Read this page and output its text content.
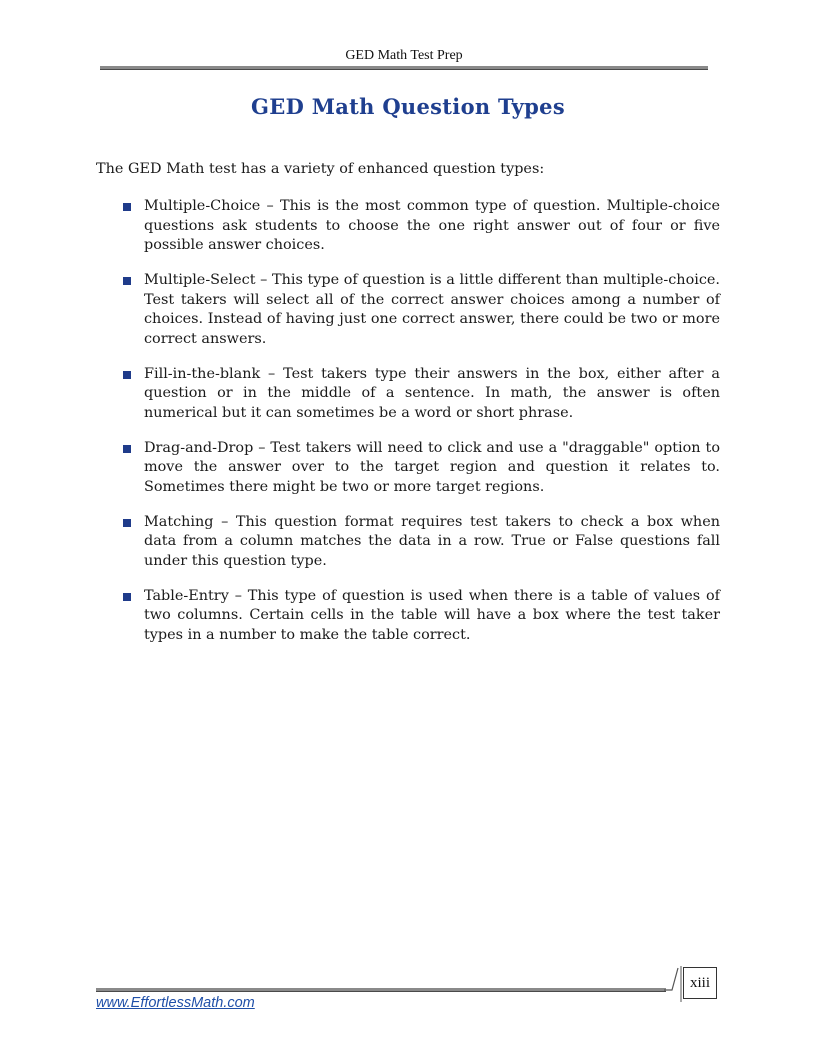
GED Math Test Prep
GED Math Question Types

The GED Math test has a variety of enhanced question types:

Multiple-Choice – This is the most common type of question. Multiple-choice questions ask students to choose the one right answer out of four or five possible answer choices.
Multiple-Select – This type of question is a little different than multiple-choice. Test takers will select all of the correct answer choices among a number of choices. Instead of having just one correct answer, there could be two or more correct answers.
Fill-in-the-blank – Test takers type their answers in the box, either after a question or in the middle of a sentence. In math, the answer is often numerical but it can sometimes be a word or short phrase.
Drag-and-Drop – Test takers will need to click and use a "draggable" option to move the answer over to the target region and question it relates to. Sometimes there might be two or more target regions.
Matching – This question format requires test takers to check a box when data from a column matches the data in a row. True or False questions fall under this question type.
Table-Entry – This type of question is used when there is a table of values of two columns. Certain cells in the table will have a box where the test taker types in a number to make the table correct.
xiii
www.EffortlessMath.com
